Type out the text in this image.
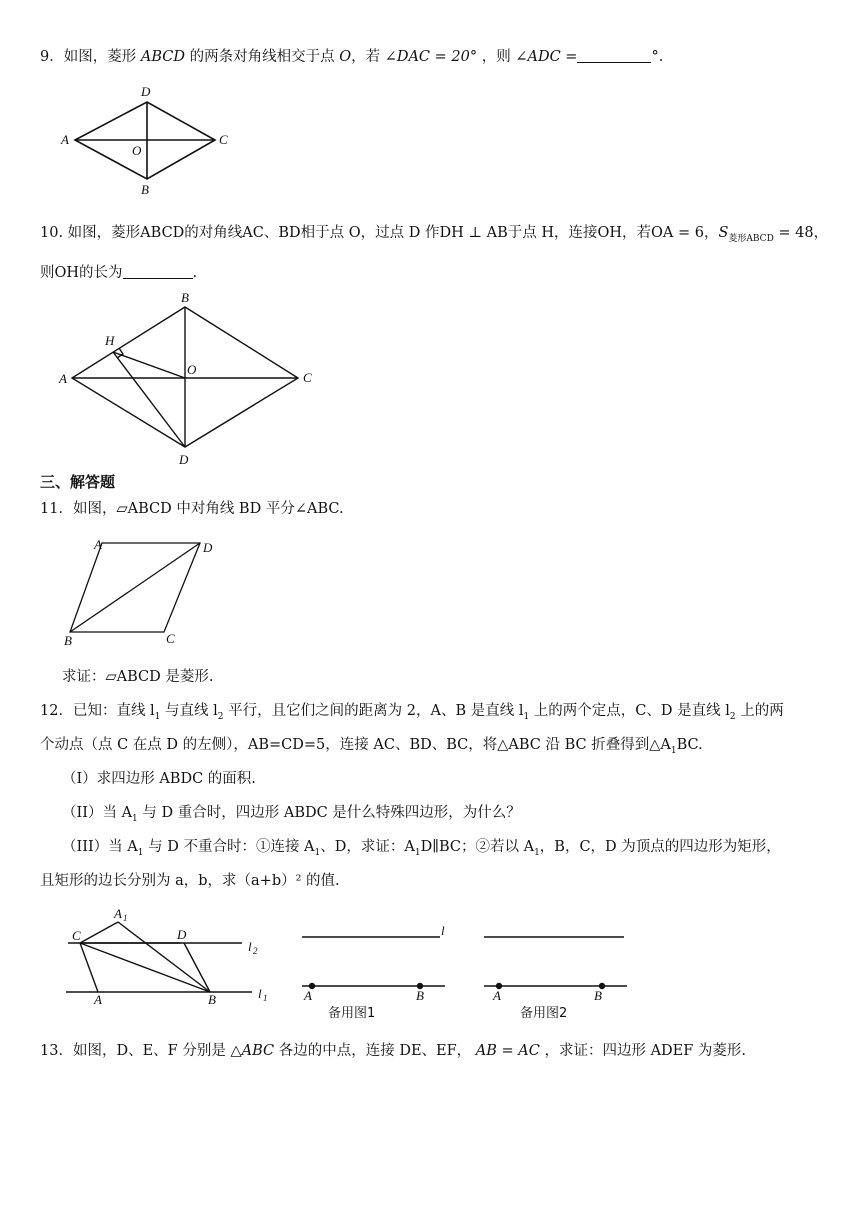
9．如图，菱形 ABCD 的两条对角线相交于点 O，若 ∠DAC = 20° ，则 ∠ADC =	°.
A
D
C
B
O
10. 如图，菱形ABCD的对角线AC、BD相于点 O，过点 D 作DH ⊥ AB于点 H，连接OH，若OA = 6，$S_{菱形ABCD} = 48$，
则OH的长为	.
A
B
C
D
O
H
三、解答题
11．如图，▱ABCD 中对角线 BD 平分∠ABC.
A	D
B	C
求证：▱ABCD 是菱形.
12．已知：直线 $l_1$ 与直线 $l_2$ 平行，且它们之间的距离为 2，A、B 是直线 $l_1$ 上的两个定点，C、D 是直线 $l_2$ 上的两
个动点（点 C 在点 D 的左侧），AB=CD=5，连接 AC、BD、BC，将△ABC 沿 BC 折叠得到$\triangle A_1BC$.
（I）求四边形 ABDC 的面积.
（II）当 $A_1$ 与 D 重合时，四边形 ABDC 是什么特殊四边形，为什么？
（III）当 $A_1$ 与 D 不重合时：①连接 $A_1$、D，求证：$A_1D\parallel BC$；②若以 $A_1$，B，C，D 为顶点的四边形为矩形，
且矩形的边长分别为 a，b，求（a+b）² 的值.
A 1
C	D
A	B
l 2
l 1
l
A	B
备用图1
A	B
备用图2
13．如图，D、E、F 分别是 △ABC 各边的中点，连接 DE、EF， AB = AC ，求证：四边形 ADEF 为菱形.
